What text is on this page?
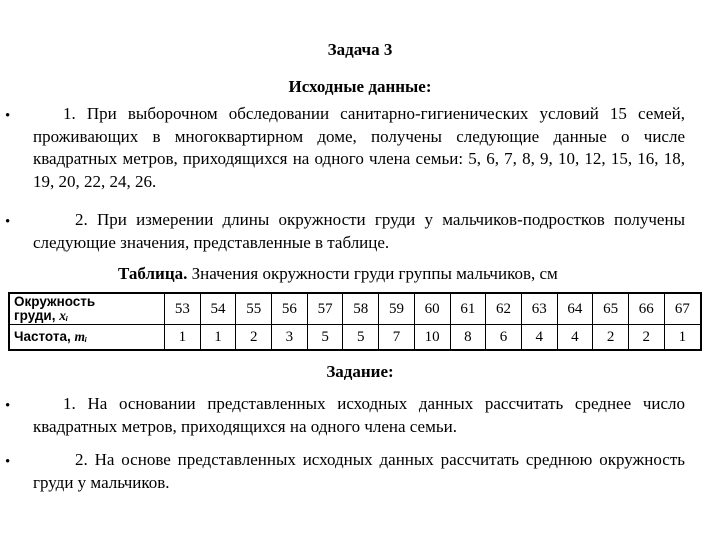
Задача 3
Исходные данные:
•	1. При выборочном обследовании санитарно-гигиенических условий 15 семей, проживающих в многоквартирном доме, получены следующие данные о числе квадратных метров, приходящихся на одного члена семьи: 5, 6, 7, 8, 9, 10, 12, 15, 16, 18, 19, 20, 22, 24, 26.
•	2. При измерении длины окружности груди у мальчиков-подростков получены следующие значения, представленные в таблице.
Таблица. Значения окружности груди группы мальчиков, см
Окружность
груди, xᵢ	53	54	55	56	57	58	59	60	61	62	63	64	65	66	67
Частота, mᵢ	1	1	2	3	5	5	7	10	8	6	4	4	2	2	1
Задание:
•	1. На основании представленных исходных данных рассчитать среднее число квадратных метров, приходящихся на одного члена семьи.
•	2. На основе представленных исходных данных рассчитать среднюю окружность груди у мальчиков.
